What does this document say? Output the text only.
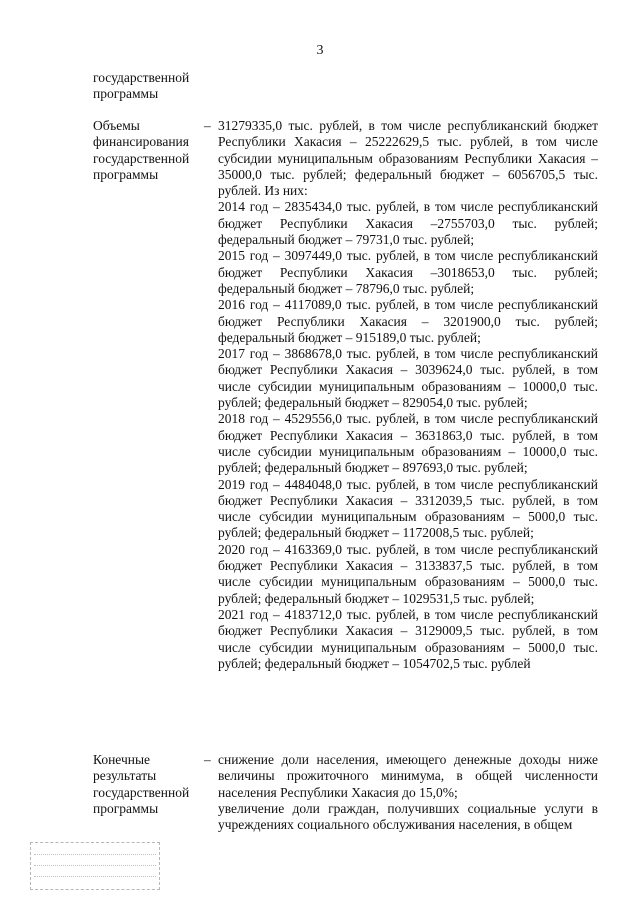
3
государственной
программы
Объемы
финансирования
государственной
программы
– 31279335,0 тыс. рублей, в том числе республиканский бюджет Республики Хакасия – 25222629,5 тыс. рублей, в том числе субсидии муниципальным образованиям Республики Хакасия – 35000,0 тыс. рублей; федеральный бюджет – 6056705,5 тыс. рублей. Из них:
2014 год – 2835434,0 тыс. рублей, в том числе республиканский бюджет Республики Хакасия –2755703,0 тыс. рублей; федеральный бюджет – 79731,0 тыс. рублей;
2015 год – 3097449,0 тыс. рублей, в том числе республиканский бюджет Республики Хакасия –3018653,0 тыс. рублей; федеральный бюджет – 78796,0 тыс. рублей;
2016 год – 4117089,0 тыс. рублей, в том числе республиканский бюджет Республики Хакасия – 3201900,0 тыс. рублей; федеральный бюджет – 915189,0 тыс. рублей;
2017 год – 3868678,0 тыс. рублей, в том числе республиканский бюджет Республики Хакасия – 3039624,0 тыс. рублей, в том числе субсидии муниципальным образованиям – 10000,0 тыс. рублей; федеральный бюджет – 829054,0 тыс. рублей;
2018 год – 4529556,0 тыс. рублей, в том числе республиканский бюджет Республики Хакасия – 3631863,0 тыс. рублей, в том числе субсидии муниципальным образованиям – 10000,0 тыс. рублей; федеральный бюджет – 897693,0 тыс. рублей;
2019 год – 4484048,0 тыс. рублей, в том числе республиканский бюджет Республики Хакасия – 3312039,5 тыс. рублей, в том числе субсидии муниципальным образованиям – 5000,0 тыс. рублей; федеральный бюджет – 1172008,5 тыс. рублей;
2020 год – 4163369,0 тыс. рублей, в том числе республиканский бюджет Республики Хакасия – 3133837,5 тыс. рублей, в том числе субсидии муниципальным образованиям – 5000,0 тыс. рублей; федеральный бюджет – 1029531,5 тыс. рублей;
2021 год – 4183712,0 тыс. рублей, в том числе республиканский бюджет Республики Хакасия – 3129009,5 тыс. рублей, в том числе субсидии муниципальным образованиям – 5000,0 тыс. рублей; федеральный бюджет – 1054702,5 тыс. рублей
Конечные
результаты
государственной
программы
– снижение доли населения, имеющего денежные доходы ниже величины прожиточного минимума, в общей численности населения Республики Хакасия до 15,0%;
увеличение доли граждан, получивших социальные услуги в учреждениях социального обслуживания населения, в общем
